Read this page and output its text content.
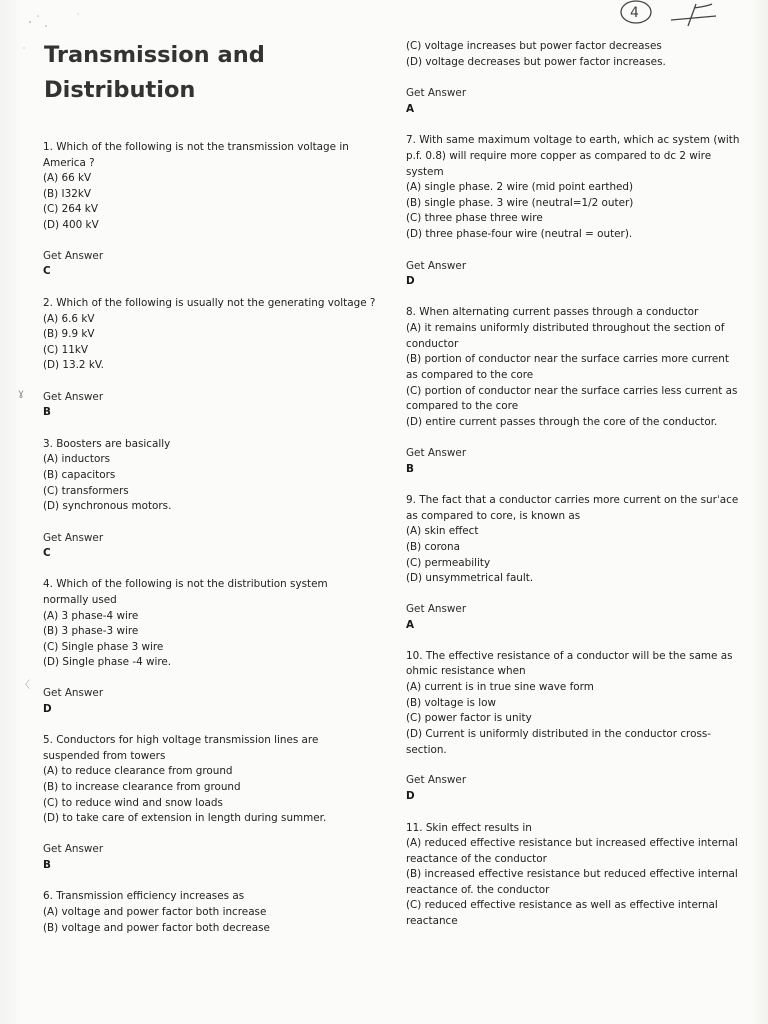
4
Transmission and
Distribution
1. Which of the following is not the transmission voltage in
America ?
(A) 66 kV
(B) I32kV
(C) 264 kV
(D) 400 kV
Get Answer
C
2. Which of the following is usually not the generating voltage ?
(A) 6.6 kV
(B) 9.9 kV
(C) 11kV
(D) 13.2 kV.
Get Answer
B
3. Boosters are basically
(A) inductors
(B) capacitors
(C) transformers
(D) synchronous motors.
Get Answer
C
4. Which of the following is not the distribution system
normally used
(A) 3 phase-4 wire
(B) 3 phase-3 wire
(C) Single phase 3 wire
(D) Single phase -4 wire.
Get Answer
D
5. Conductors for high voltage transmission lines are
suspended from towers
(A) to reduce clearance from ground
(B) to increase clearance from ground
(C) to reduce wind and snow loads
(D) to take care of extension in length during summer.
Get Answer
B
6. Transmission efficiency increases as
(A) voltage and power factor both increase
(B) voltage and power factor both decrease
(C) voltage increases but power factor decreases
(D) voltage decreases but power factor increases.
Get Answer
A
7. With same maximum voltage to earth, which ac system (with
p.f. 0.8) will require more copper as compared to dc 2 wire
system
(A) single phase. 2 wire (mid point earthed)
(B) single phase. 3 wire (neutral=1/2 outer)
(C) three phase three wire
(D) three phase-four wire (neutral = outer).
Get Answer
D
8. When alternating current passes through a conductor
(A) it remains uniformly distributed throughout the section of
conductor
(B) portion of conductor near the surface carries more current
as compared to the core
(C) portion of conductor near the surface carries less current as
compared to the core
(D) entire current passes through the core of the conductor.
Get Answer
B
9. The fact that a conductor carries more current on the surˈace
as compared to core, is known as
(A) skin effect
(B) corona
(C) permeability
(D) unsymmetrical fault.
Get Answer
A
10. The effective resistance of a conductor will be the same as
ohmic resistance when
(A) current is in true sine wave form
(B) voltage is low
(C) power factor is unity
(D) Current is uniformly distributed in the conductor cross-
section.
Get Answer
D
11. Skin effect results in
(A) reduced effective resistance but increased effective internal
reactance of the conductor
(B) increased effective resistance but reduced effective internal
reactance of. the conductor
(C) reduced effective resistance as well as effective internal
reactance
ɣ
〈
